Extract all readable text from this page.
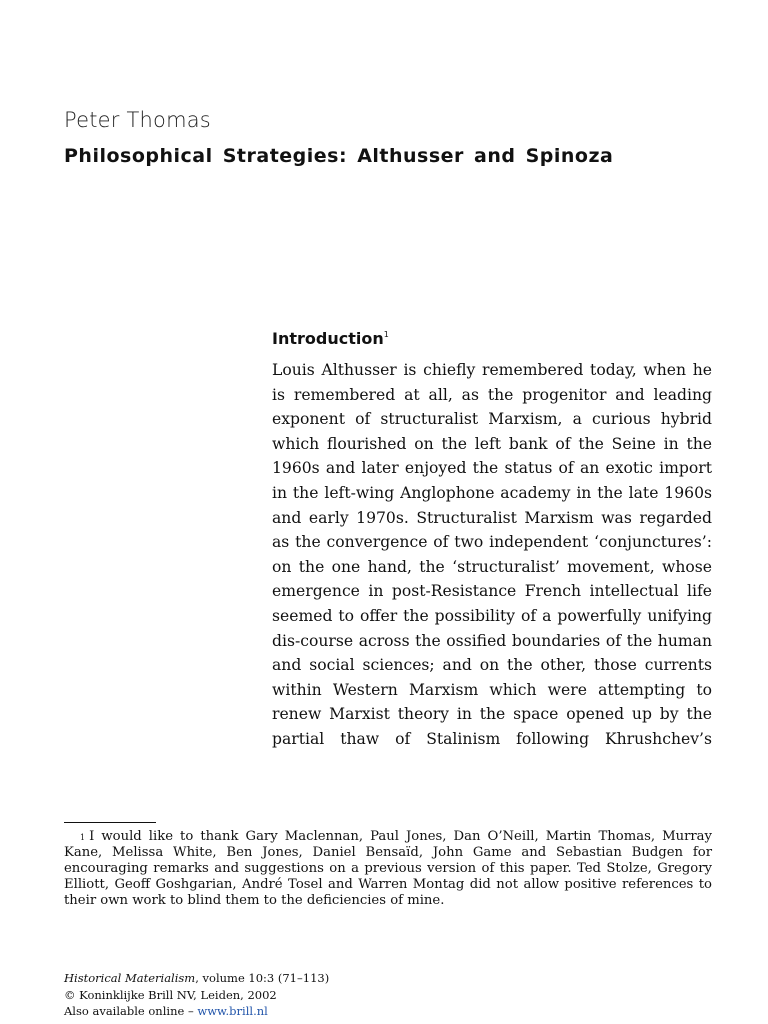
Peter Thomas
Philosophical Strategies: Althusser and Spinoza
Introduction$^1$

Louis Althusser is chiefly remembered today, when he is remembered at all, as the progenitor and leading exponent of structuralist Marxism, a curious hybrid which flourished on the left bank of the Seine in the 1960s and later enjoyed the status of an exotic import in the left-wing Anglophone academy in the late 1960s and early 1970s. Structuralist Marxism was regarded as the convergence of two independent ‘conjunctures’: on the one hand, the ‘structuralist’ movement, whose emergence in post-Resistance French intellectual life seemed to offer the possibility of a powerfully unifying dis-course across the ossified boundaries of the human and social sciences; and on the other, those currents within Western Marxism which were attempting to renew Marxist theory in the space opened up by the partial thaw of Stalinism following Khrushchev’s

$^1$ I would like to thank Gary Maclennan, Paul Jones, Dan O’Neill, Martin Thomas, Murray Kane, Melissa White, Ben Jones, Daniel Bensaïd, John Game and Sebastian Budgen for encouraging remarks and suggestions on a previous version of this paper. Ted Stolze, Gregory Elliott, Geoff Goshgarian, André Tosel and Warren Montag did not allow positive references to their own work to blind them to the deficiencies of mine.

Historical Materialism, volume 10:3 (71–113)
© Koninklijke Brill NV, Leiden, 2002
Also available online – www.brill.nl
